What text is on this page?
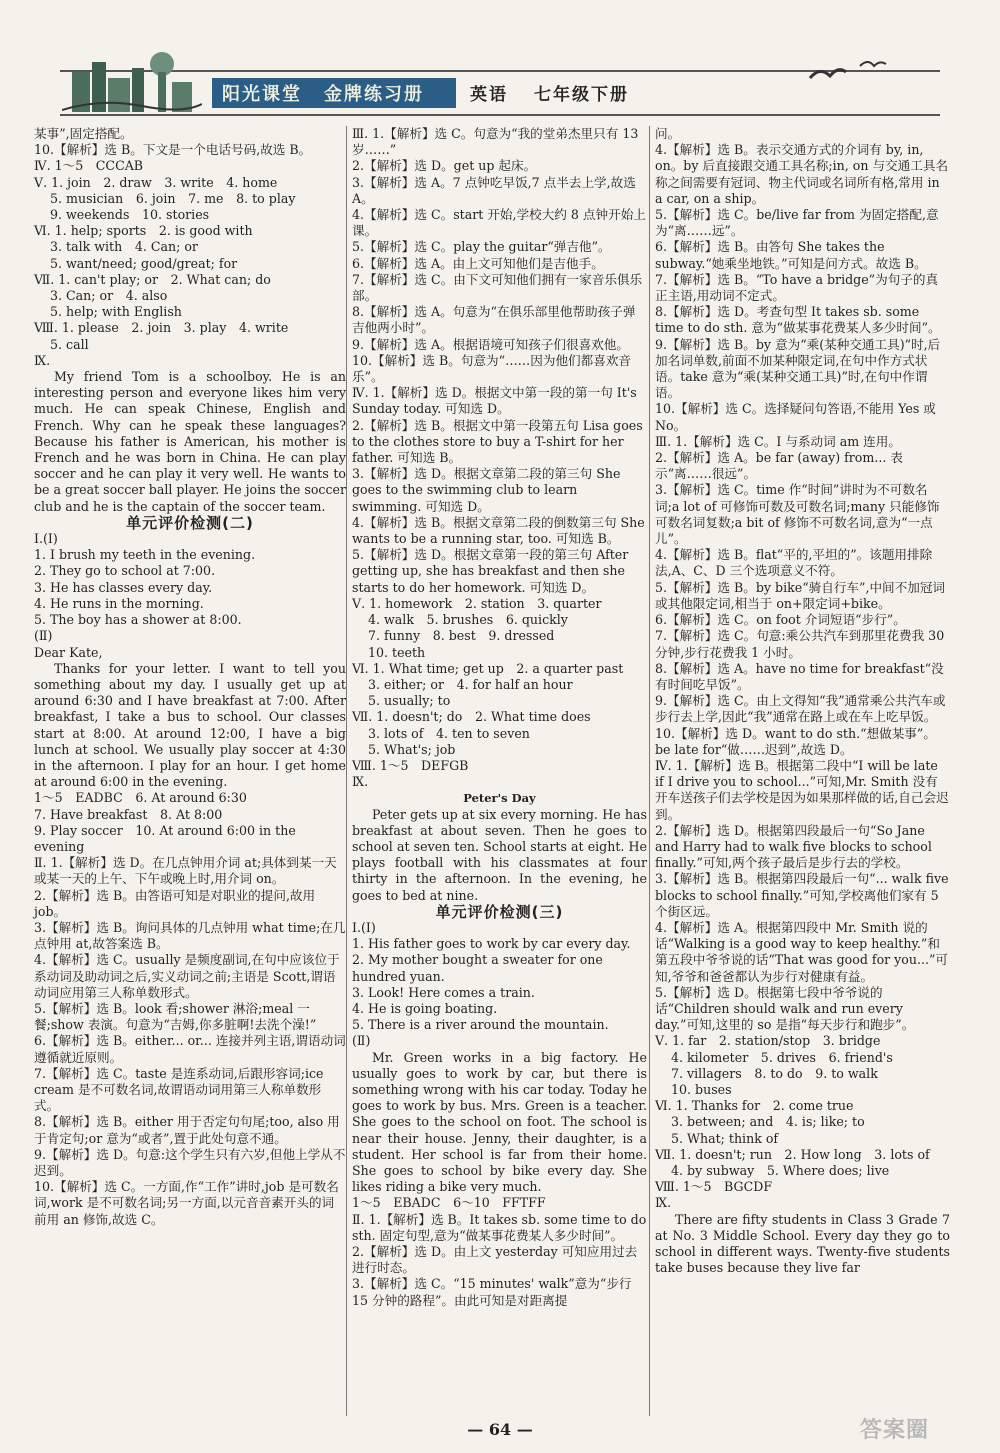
阳光课堂 金牌练习册	英语 七年级下册

某事”,固定搭配。

10.【解析】选 B。下文是一个电话号码,故选 B。

Ⅳ. 1～5　CCCAB

Ⅴ. 1. join　2. draw　3. write　4. home

5. musician　6. join　7. me　8. to play

9. weekends　10. stories

Ⅵ. 1. help; sports　2. is good with

3. talk with　4. Can; or

5. want/need; good/great; for

Ⅶ. 1. can't play; or　2. What can; do

3. Can; or　4. also

5. help; with English

Ⅷ. 1. please　2. join　3. play　4. write

5. call

Ⅸ.

My friend Tom is a schoolboy. He is an interesting person and everyone likes him very much. He can speak Chinese, English and French. Why can he speak these languages? Because his father is American, his mother is French and he was born in China. He can play soccer and he can play it very well. He wants to be a great soccer ball player. He joins the soccer club and he is the captain of the soccer team.

单元评价检测(二)

Ⅰ.(Ⅰ)

1. I brush my teeth in the evening.

2. They go to school at 7:00.

3. He has classes every day.

4. He runs in the morning.

5. The boy has a shower at 8:00.

(Ⅱ)

Dear Kate,

Thanks for your letter. I want to tell you something about my day. I usually get up at around 6:30 and I have breakfast at 7:00. After breakfast, I take a bus to school. Our classes start at 8:00. At around 12:00, I have a big lunch at school. We usually play soccer at 4:30 in the afternoon. I play for an hour. I get home at around 6:00 in the evening.

1～5　EADBC　6. At around 6:30

7. Have breakfast　8. At 8:00

9. Play soccer　10. At around 6:00 in the evening

Ⅱ. 1.【解析】选 D。在几点钟用介词 at;具体到某一天或某一天的上午、下午或晚上时,用介词 on。

2.【解析】选 B。由答语可知是对职业的提问,故用 job。

3.【解析】选 B。询问具体的几点钟用 what time;在几点钟用 at,故答案选 B。

4.【解析】选 C。usually 是频度副词,在句中应该位于系动词及助动词之后,实义动词之前;主语是 Scott,谓语动词应用第三人称单数形式。

5.【解析】选 B。look 看;shower 淋浴;meal 一餐;show 表演。句意为“吉姆,你多脏啊!去洗个澡!”

6.【解析】选 B。either... or... 连接并列主语,谓语动词遵循就近原则。

7.【解析】选 C。taste 是连系动词,后跟形容词;ice cream 是不可数名词,故谓语动词用第三人称单数形式。

8.【解析】选 B。either 用于否定句句尾;too, also 用于肯定句;or 意为“或者”,置于此处句意不通。

9.【解析】选 D。句意:这个学生只有六岁,但他上学从不迟到。

10.【解析】选 C。一方面,作“工作”讲时,job 是可数名词,work 是不可数名词;另一方面,以元音音素开头的词前用 an 修饰,故选 C。

Ⅲ. 1.【解析】选 C。句意为“我的堂弟杰里只有 13 岁……”

2.【解析】选 D。get up 起床。

3.【解析】选 A。7 点钟吃早饭,7 点半去上学,故选 A。

4.【解析】选 C。start 开始,学校大约 8 点钟开始上课。

5.【解析】选 C。play the guitar“弹吉他”。

6.【解析】选 A。由上文可知他们是吉他手。

7.【解析】选 C。由下文可知他们拥有一家音乐俱乐部。

8.【解析】选 A。句意为“在俱乐部里他帮助孩子弹吉他两小时”。

9.【解析】选 A。根据语境可知孩子们很喜欢他。

10.【解析】选 B。句意为“……因为他们都喜欢音乐”。

Ⅳ. 1.【解析】选 D。根据文中第一段的第一句 It's Sunday today. 可知选 D。

2.【解析】选 B。根据文中第一段第五句 Lisa goes to the clothes store to buy a T-shirt for her father. 可知选 B。

3.【解析】选 D。根据文章第二段的第三句 She goes to the swimming club to learn swimming. 可知选 D。

4.【解析】选 B。根据文章第二段的倒数第三句 She wants to be a running star, too. 可知选 B。

5.【解析】选 D。根据文章第一段的第三句 After getting up, she has breakfast and then she starts to do her homework. 可知选 D。

Ⅴ. 1. homework　2. station　3. quarter

4. walk　5. brushes　6. quickly

7. funny　8. best　9. dressed

10. teeth

Ⅵ. 1. What time; get up　2. a quarter past

3. either; or　4. for half an hour

5. usually; to

Ⅶ. 1. doesn't; do　2. What time does

3. lots of　4. ten to seven

5. What's; job

Ⅷ. 1～5　DEFGB

Ⅸ.

Peter's Day

Peter gets up at six every morning. He has breakfast at about seven. Then he goes to school at seven ten. School starts at eight. He plays football with his classmates at four thirty in the afternoon. In the evening, he goes to bed at nine.

单元评价检测(三)

Ⅰ.(Ⅰ)

1. His father goes to work by car every day.

2. My mother bought a sweater for one hundred yuan.

3. Look! Here comes a train.

4. He is going boating.

5. There is a river around the mountain.

(Ⅱ)

Mr. Green works in a big factory. He usually goes to work by car, but there is something wrong with his car today. Today he goes to work by bus. Mrs. Green is a teacher. She goes to the school on foot. The school is near their house. Jenny, their daughter, is a student. Her school is far from their home. She goes to school by bike every day. She likes riding a bike very much.

1～5　EBADC　6～10　FFTFF

Ⅱ. 1.【解析】选 B。It takes sb. some time to do sth. 固定句型,意为“做某事花费某人多少时间”。

2.【解析】选 D。由上文 yesterday 可知应用过去进行时态。

3.【解析】选 C。“15 minutes' walk”意为“步行 15 分钟的路程”。由此可知是对距离提

问。

4.【解析】选 B。表示交通方式的介词有 by, in, on。by 后直接跟交通工具名称;in, on 与交通工具名称之间需要有冠词、物主代词或名词所有格,常用 in a car, on a ship。

5.【解析】选 C。be/live far from 为固定搭配,意为“离……远”。

6.【解析】选 B。由答句 She takes the subway.“她乘坐地铁。”可知是问方式。故选 B。

7.【解析】选 B。“To have a bridge”为句子的真正主语,用动词不定式。

8.【解析】选 D。考查句型 It takes sb. some time to do sth. 意为“做某事花费某人多少时间”。

9.【解析】选 B。by 意为“乘(某种交通工具)”时,后加名词单数,前面不加某种限定词,在句中作方式状语。take 意为“乘(某种交通工具)”时,在句中作谓语。

10.【解析】选 C。选择疑问句答语,不能用 Yes 或 No。

Ⅲ. 1.【解析】选 C。I 与系动词 am 连用。

2.【解析】选 A。be far (away) from... 表示“离……很远”。

3.【解析】选 C。time 作“时间”讲时为不可数名词;a lot of 可修饰可数及可数名词;many 只能修饰可数名词复数;a bit of 修饰不可数名词,意为“一点儿”。

4.【解析】选 B。flat“平的,平坦的”。该题用排除法,A、C、D 三个选项意义不符。

5.【解析】选 B。by bike“骑自行车”,中间不加冠词或其他限定词,相当于 on+限定词+bike。

6.【解析】选 C。on foot 介词短语“步行”。

7.【解析】选 C。句意:乘公共汽车到那里花费我 30 分钟,步行花费我 1 小时。

8.【解析】选 A。have no time for breakfast“没有时间吃早饭”。

9.【解析】选 C。由上文得知“我”通常乘公共汽车或步行去上学,因此“我”通常在路上或在车上吃早饭。

10.【解析】选 D。want to do sth.“想做某事”。be late for“做……迟到”,故选 D。

Ⅳ. 1.【解析】选 B。根据第二段中“I will be late if I drive you to school...”可知,Mr. Smith 没有开车送孩子们去学校是因为如果那样做的话,自己会迟到。

2.【解析】选 D。根据第四段最后一句“So Jane and Harry had to walk five blocks to school finally.”可知,两个孩子最后是步行去的学校。

3.【解析】选 B。根据第四段最后一句“... walk five blocks to school finally.”可知,学校离他们家有 5 个街区远。

4.【解析】选 A。根据第四段中 Mr. Smith 说的话“Walking is a good way to keep healthy.”和第五段中爷爷说的话“That was good for you...”可知,爷爷和爸爸都认为步行对健康有益。

5.【解析】选 D。根据第七段中爷爷说的话“Children should walk and run every day.”可知,这里的 so 是指“每天步行和跑步”。

Ⅴ. 1. far　2. station/stop　3. bridge

4. kilometer　5. drives　6. friend's

7. villagers　8. to do　9. to walk

10. buses

Ⅵ. 1. Thanks for　2. come true

3. between; and　4. is; like; to

5. What; think of

Ⅶ. 1. doesn't; run　2. How long　3. lots of

4. by subway　5. Where does; live

Ⅷ. 1～5　BGCDF

Ⅸ.

There are fifty students in Class 3 Grade 7 at No. 3 Middle School. Every day they go to school in different ways. Twenty-five students take buses because they live far

— 64 —	答案圈
